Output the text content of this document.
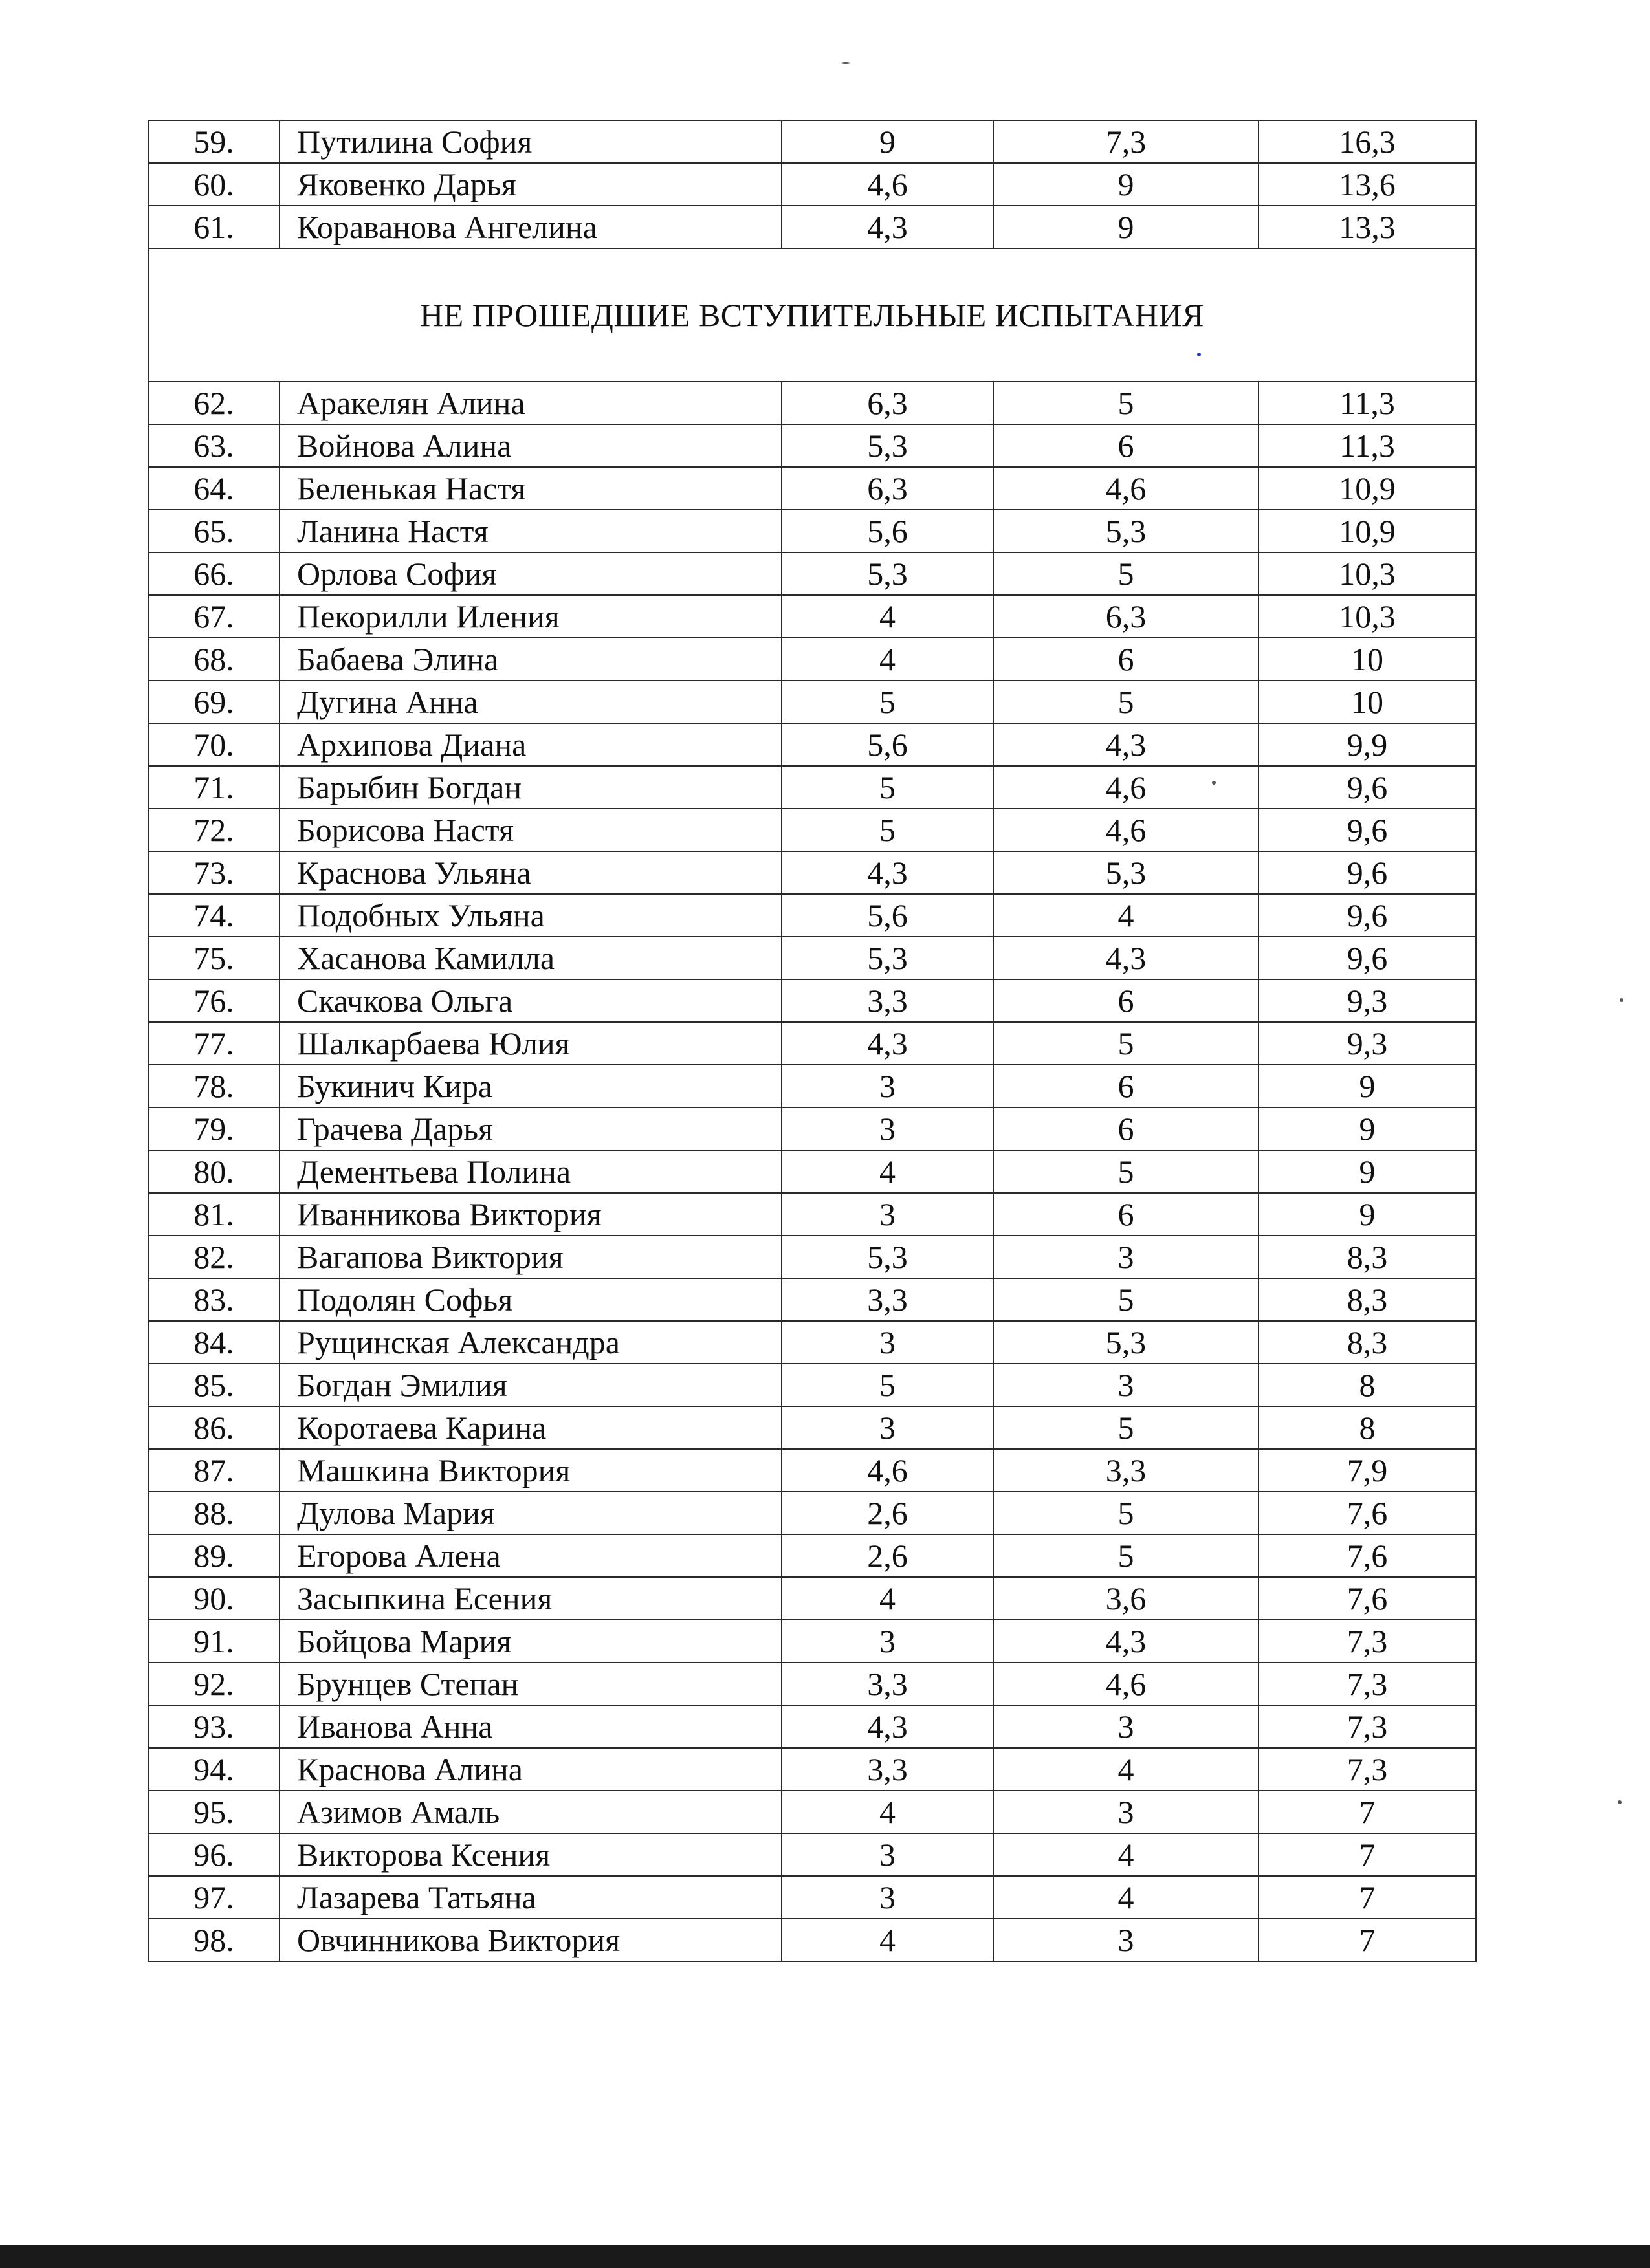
59.	Путилина София	9	7,3	16,3
60.	Яковенко Дарья	4,6	9	13,6
61.	Коравановa Ангелина	4,3	9	13,3
НЕ ПРОШЕДШИЕ ВСТУПИТЕЛЬНЫЕ ИСПЫТАНИЯ				
62.	Аракелян Алина	6,3	5	11,3
63.	Войнова Алина	5,3	6	11,3
64.	Беленькая Настя	6,3	4,6	10,9
65.	Ланина Настя	5,6	5,3	10,9
66.	Орлова София	5,3	5	10,3
67.	Пекорилли Иления	4	6,3	10,3
68.	Бабаева Элина	4	6	10
69.	Дугина Анна	5	5	10
70.	Архипова Диана	5,6	4,3	9,9
71.	Барыбин Богдан	5	4,6	9,6
72.	Борисова Настя	5	4,6	9,6
73.	Краснова Ульяна	4,3	5,3	9,6
74.	Подобных Ульяна	5,6	4	9,6
75.	Хасанова Камилла	5,3	4,3	9,6
76.	Скачкова Ольга	3,3	6	9,3
77.	Шалкарбаева Юлия	4,3	5	9,3
78.	Букинич Кира	3	6	9
79.	Грачева Дарья	3	6	9
80.	Дементьева Полина	4	5	9
81.	Иванникова Виктория	3	6	9
82.	Вагапова Виктория	5,3	3	8,3
83.	Подолян Софья	3,3	5	8,3
84.	Рущинская Александра	3	5,3	8,3
85.	Богдан Эмилия	5	3	8
86.	Коротаева Карина	3	5	8
87.	Машкина Виктория	4,6	3,3	7,9
88.	Дулова Мария	2,6	5	7,6
89.	Егорова Алена	2,6	5	7,6
90.	Засыпкина Есения	4	3,6	7,6
91.	Бойцова Мария	3	4,3	7,3
92.	Брунцев Степан	3,3	4,6	7,3
93.	Иванова Анна	4,3	3	7,3
94.	Краснова Алина	3,3	4	7,3
95.	Азимов Амаль	4	3	7
96.	Викторова Ксения	3	4	7
97.	Лазарева Татьяна	3	4	7
98.	Овчинникова Виктория	4	3	7
